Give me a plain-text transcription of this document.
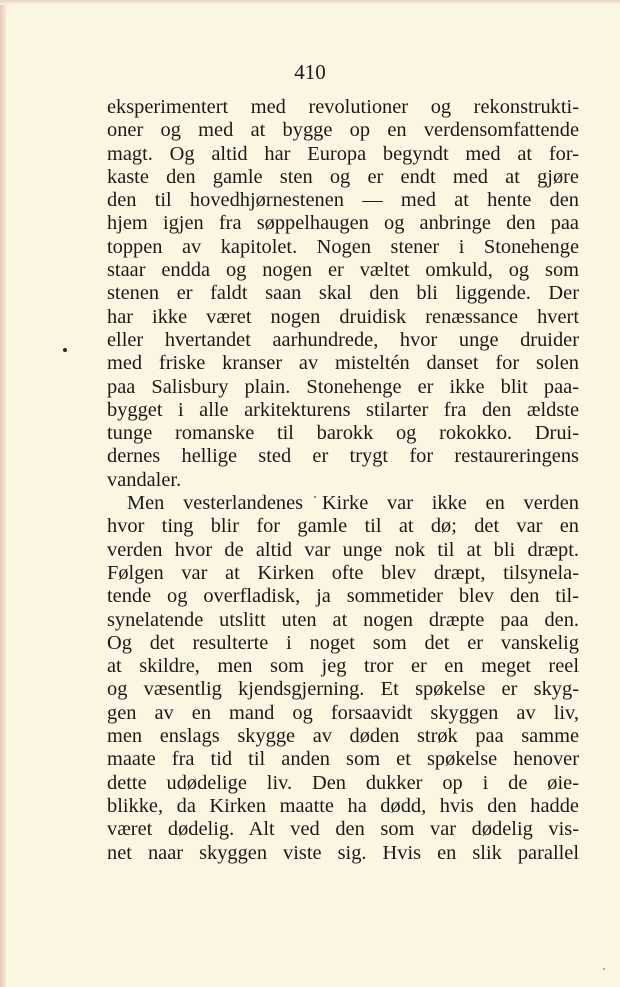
410
eksperimentert med revolutioner og rekonstrukti-
oner og med at bygge op en verdensomfattende
magt. Og altid har Europa begyndt med at for-
kaste den gamle sten og er endt med at gjøre
den til hovedhjørnestenen — med at hente den
hjem igjen fra søppelhaugen og anbringe den paa
toppen av kapitolet. Nogen stener i Stonehenge
staar endda og nogen er væltet omkuld, og som
stenen er faldt saan skal den bli liggende. Der
har ikke været nogen druidisk renæssance hvert
eller hvertandet aarhundrede, hvor unge druider
med friske kranser av misteltén danset for solen
paa Salisbury plain. Stonehenge er ikke blit paa-
bygget i alle arkitekturens stilarter fra den ældste
tunge romanske til barokk og rokokko. Drui-
dernes hellige sted er trygt for restaureringens
vandaler.
Men vesterlandenes Kirke var ikke en verden
hvor ting blir for gamle til at dø; det var en
verden hvor de altid var unge nok til at bli dræpt.
Følgen var at Kirken ofte blev dræpt, tilsynela-
tende og overfladisk, ja sommetider blev den til-
synelatende utslitt uten at nogen dræpte paa den.
Og det resulterte i noget som det er vanskelig
at skildre, men som jeg tror er en meget reel
og væsentlig kjendsgjerning. Et spøkelse er skyg-
gen av en mand og forsaavidt skyggen av liv,
men enslags skygge av døden strøk paa samme
maate fra tid til anden som et spøkelse henover
dette udødelige liv. Den dukker op i de øie-
blikke, da Kirken maatte ha dødd, hvis den hadde
været dødelig. Alt ved den som var dødelig vis-
net naar skyggen viste sig. Hvis en slik parallel
